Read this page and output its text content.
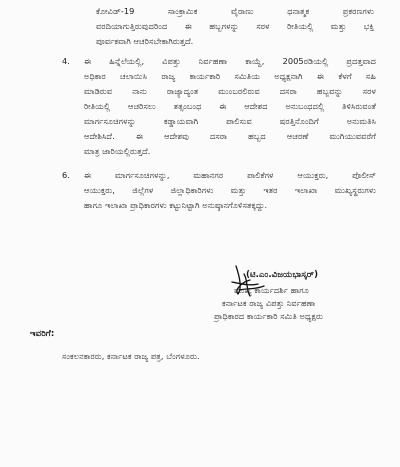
ಕೋವಿಡ್-19 ಸಾಂಕ್ರಾಮಿಕ ವೈರಾಣು ಧನಾತ್ಮಕ ಪ್ರಕರಣಗಳು
ವರದಿಯಾಗುತ್ತಿರುವುದರಿಂದ ಈ ಹಬ್ಬಗಳನ್ನು ಸರಳ ರೀತಿಯಲ್ಲಿ ಮತ್ತು ಭಕ್ತಿ
ಪೂರ್ವಕವಾಗಿ ಆಚರಿಸಬೇಕಾಗಿರುತ್ತದೆ.
4. ಈ ಹಿನ್ನೆಲೆಯಲ್ಲಿ, ವಿಪತ್ತು ನಿರ್ವಹಣಾ ಕಾಯ್ದೆ, 2005ರಡಿಯಲ್ಲಿ ಪ್ರದತ್ತವಾದ
ಅಧಿಕಾರ ಚಲಾಯಿಸಿ ರಾಜ್ಯ ಕಾರ್ಯಕಾರಿ ಸಮಿತಿಯ ಅಧ್ಯಕ್ಷನಾಗಿ ಈ ಕೆಳಗೆ ಸಹಿ
ಮಾಡಿರುವ ನಾನು ರಾಜ್ಯಾದ್ಯಂತ ಮುಂಬರಲಿರುವ ದಸರಾ ಹಬ್ಬವನ್ನು ಸರಳ
ರೀತಿಯಲ್ಲಿ ಆಚರಿಸಲು ತತ್ಸಂಬಂಧ ಈ ಆದೇಶದ ಅನುಬಂಧದಲ್ಲಿ ತಿಳಿಸಿರುವಂತೆ
ಮಾರ್ಗಸೂಚಿಗಳನ್ನು ಕಡ್ಡಾಯವಾಗಿ ಪಾಲಿಸುವ ಷರತ್ತಿನೊಂದಿಗೆ ಅನುಮತಿಸಿ
ಆದೇಶಿಸಿದೆ. ಈ ಆದೇಶವು ದಸರಾ ಹಬ್ಬದ ಆಚರಣೆ ಮುಗಿಯುವವರೆಗೆ
ಮಾತ್ರ ಜಾರಿಯಲ್ಲಿರುತ್ತದೆ.
6. ಈ ಮಾರ್ಗಸೂಚಿಗಳನ್ನು, ಮಹಾನಗರ ಪಾಲಿಕೆಗಳ ಆಯುಕ್ತರು, ಪೊಲೀಸ್
ಆಯುಕ್ತರು, ಜಿಲ್ಲೆಗಳ ಜಿಲ್ಲಾಧಿಕಾರಿಗಳು ಮತ್ತು ಇತರ ಇಲಾಖಾ ಮುಖ್ಯಸ್ಥರುಗಳು
ಹಾಗೂ ಇಲಾಖಾ ಪ್ರಾಧಿಕಾರಗಳು ಕಟ್ಟುನಿಟ್ಟಾಗಿ ಅನುಷ್ಠಾನಗೊಳಿಸತಕ್ಕದ್ದು.
(ಟಿ.ಎಂ.ವಿಜಯಭಾಸ್ಕರ್)
ಮುಖ್ಯ ಕಾರ್ಯದರ್ಶಿ ಹಾಗೂ
ಕರ್ನಾಟಕ ರಾಜ್ಯ ವಿಪತ್ತು ನಿರ್ವಹಣಾ
ಪ್ರಾಧಿಕಾರದ ಕಾರ್ಯಕಾರಿ ಸಮಿತಿ ಅಧ್ಯಕ್ಷರು
ಇವರಿಗೆ:
ಸಂಕಲನಕಾರರು, ಕರ್ನಾಟಕ ರಾಜ್ಯ ಪತ್ರ, ಬೆಂಗಳೂರು.
